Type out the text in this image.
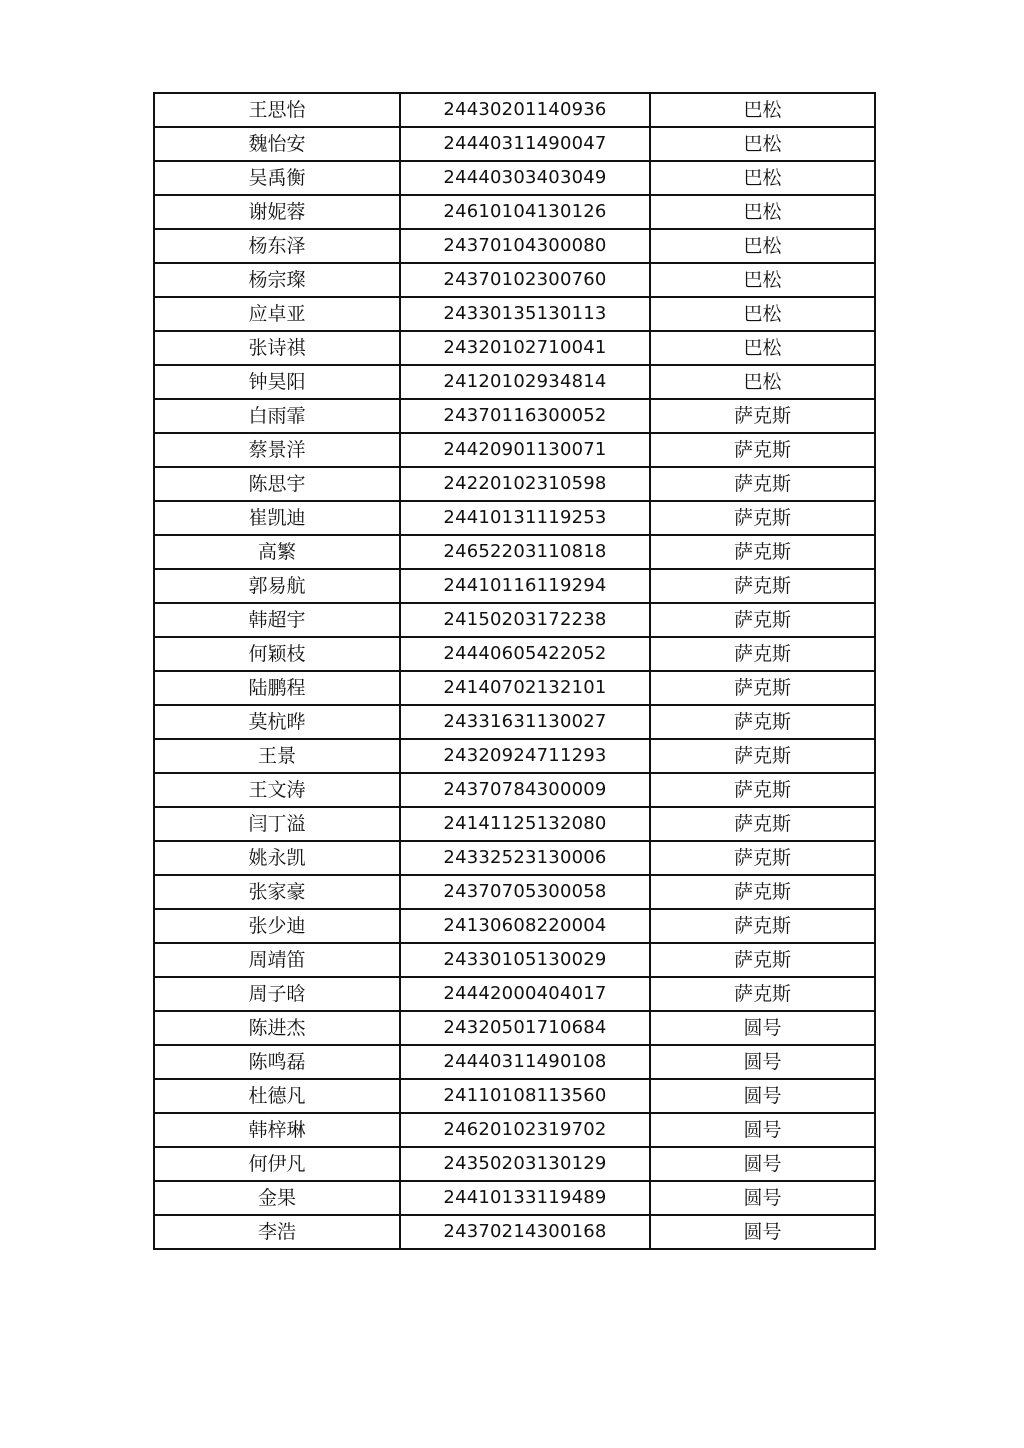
王思怡	24430201140936	巴松
魏怡安	24440311490047	巴松
吴禹衡	24440303403049	巴松
谢妮蓉	24610104130126	巴松
杨东泽	24370104300080	巴松
杨宗璨	24370102300760	巴松
应卓亚	24330135130113	巴松
张诗祺	24320102710041	巴松
钟昊阳	24120102934814	巴松
白雨霏	24370116300052	萨克斯
蔡景洋	24420901130071	萨克斯
陈思宇	24220102310598	萨克斯
崔凯迪	24410131119253	萨克斯
高繁	24652203110818	萨克斯
郭易航	24410116119294	萨克斯
韩超宇	24150203172238	萨克斯
何颖枝	24440605422052	萨克斯
陆鹏程	24140702132101	萨克斯
莫杭晔	24331631130027	萨克斯
王景	24320924711293	萨克斯
王文涛	24370784300009	萨克斯
闫丁溢	24141125132080	萨克斯
姚永凯	24332523130006	萨克斯
张家豪	24370705300058	萨克斯
张少迪	24130608220004	萨克斯
周靖笛	24330105130029	萨克斯
周子晗	24442000404017	萨克斯
陈进杰	24320501710684	圆号
陈鸣磊	24440311490108	圆号
杜德凡	24110108113560	圆号
韩梓琳	24620102319702	圆号
何伊凡	24350203130129	圆号
金果	24410133119489	圆号
李浩	24370214300168	圆号
